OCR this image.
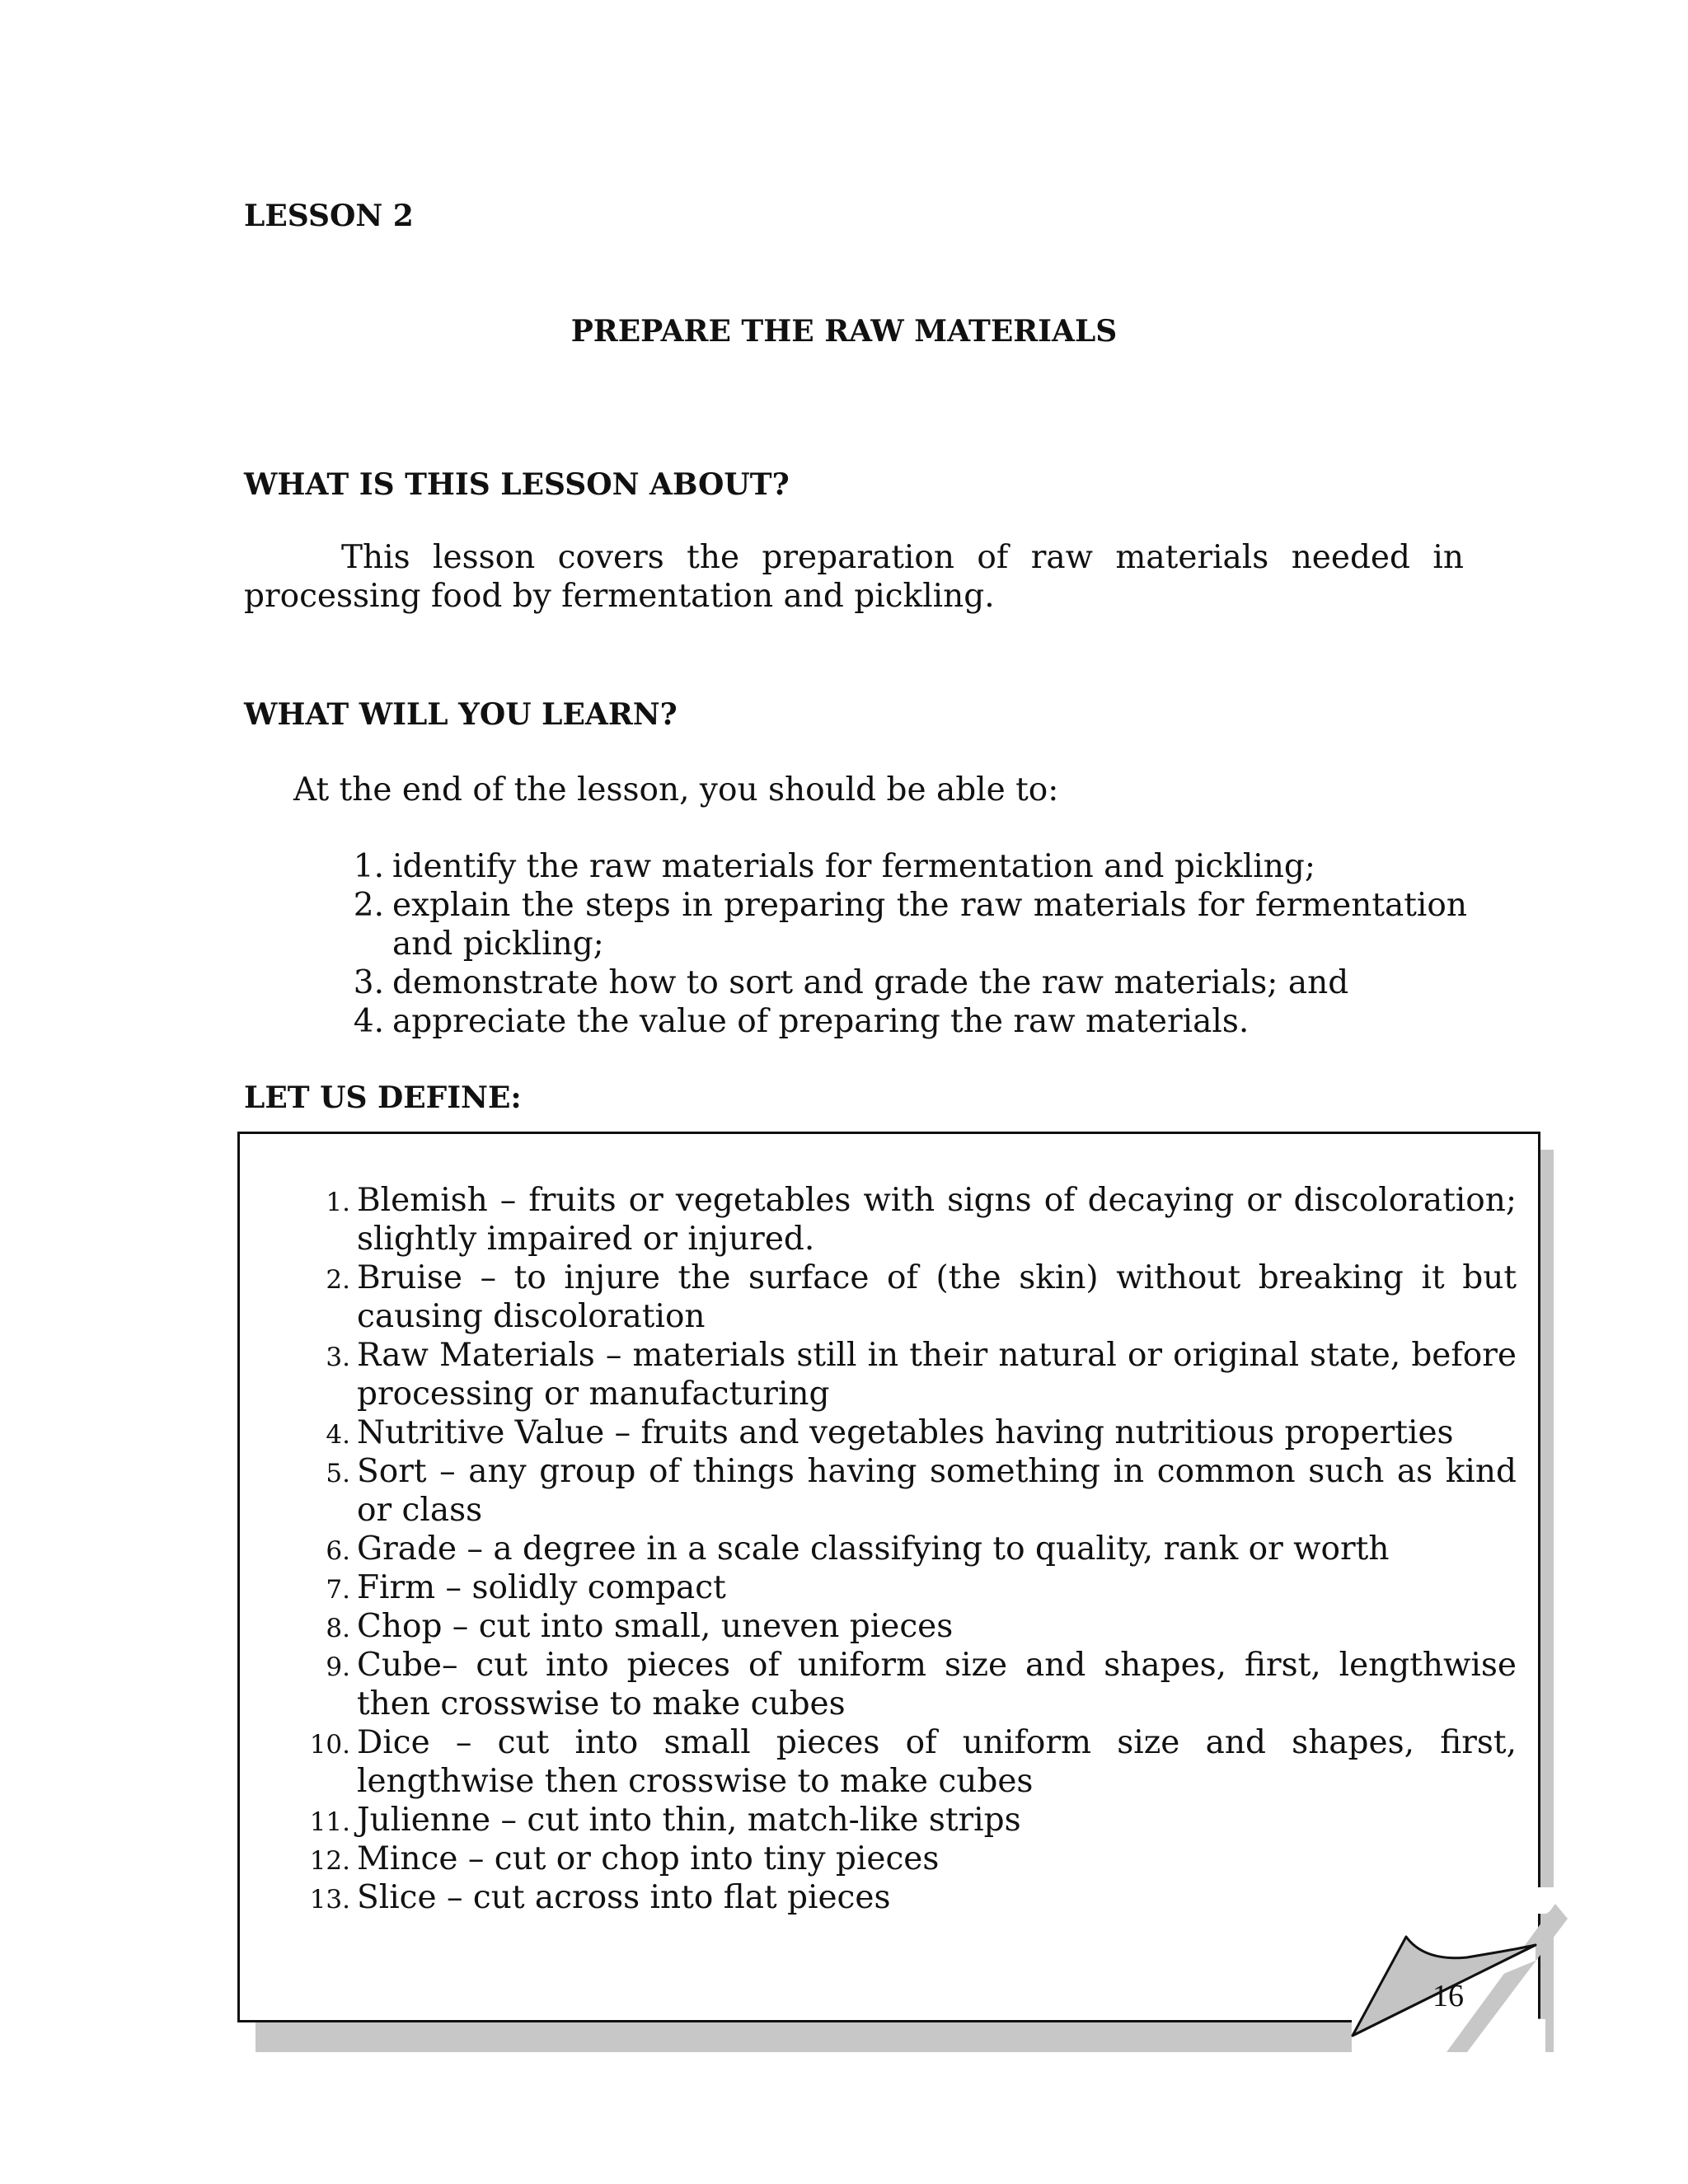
LESSON 2
PREPARE THE RAW MATERIALS
WHAT IS THIS LESSON ABOUT?
This lesson covers the preparation of raw materials needed in processing food by fermentation and pickling.
WHAT WILL YOU LEARN?
At the end of the lesson, you should be able to:
1. identify the raw materials for fermentation and pickling;
2. explain the steps in preparing the raw materials for fermentation and pickling;
3. demonstrate how to sort and grade the raw materials; and
4. appreciate the value of preparing the raw materials.
LET US DEFINE:
1. Blemish – fruits or vegetables with signs of decaying or discoloration; slightly impaired or injured.
2. Bruise – to injure the surface of (the skin) without breaking it but causing discoloration
3. Raw Materials – materials still in their natural or original state, before processing or manufacturing
4. Nutritive Value – fruits and vegetables having nutritious properties
5. Sort – any group of things having something in common such as kind or class
6. Grade – a degree in a scale classifying to quality, rank or worth
7. Firm – solidly compact
8. Chop – cut into small, uneven pieces
9. Cube– cut into pieces of uniform size and shapes, first, lengthwise then crosswise to make cubes
10. Dice – cut into small pieces of uniform size and shapes, first, lengthwise then crosswise to make cubes
11. Julienne – cut into thin, match-like strips
12. Mince – cut or chop into tiny pieces
13. Slice – cut across into flat pieces
16
